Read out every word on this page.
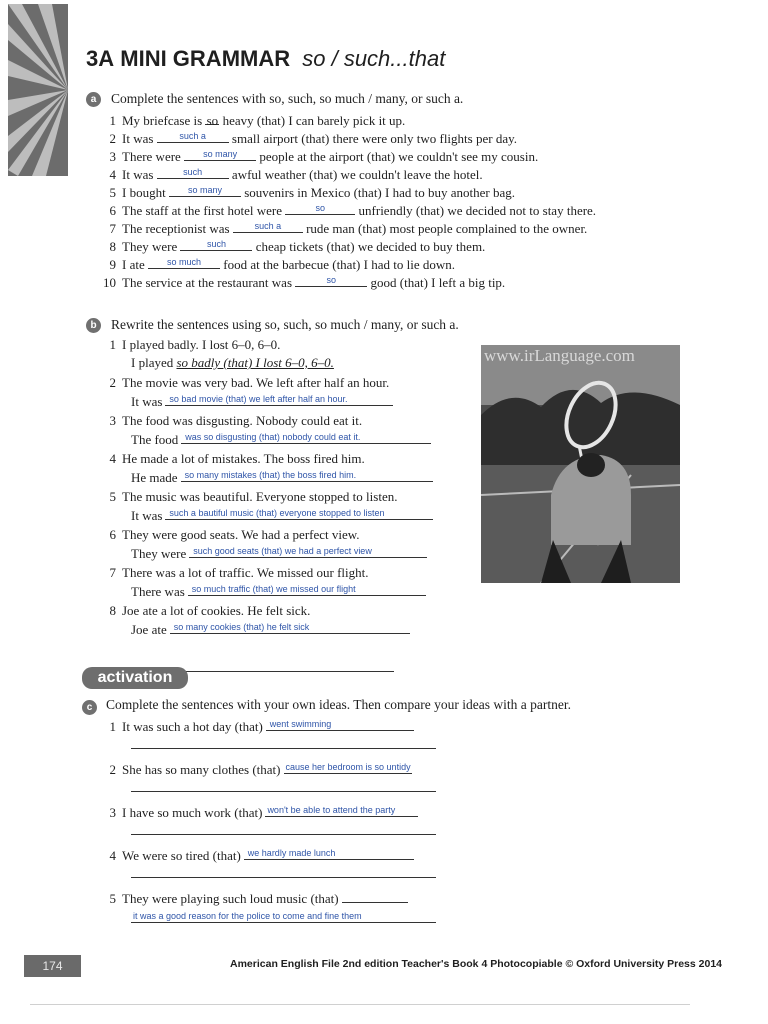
3A MINI GRAMMAR so / such...that
a	Complete the sentences with so, such, so much / many, or such a.
1 My briefcase is so heavy (that) I can barely pick it up.
2 It was	such a	small airport (that) there were only two flights per day.
3 There were	so many	people at the airport (that) we couldn't see my cousin.
4 It was	such	awful weather (that) we couldn't leave the hotel.
5 I bought	so many	souvenirs in Mexico (that) I had to buy another bag.
6 The staff at the first hotel were	so	unfriendly (that) we decided not to stay there.
7 The receptionist was	such a	rude man (that) most people complained to the owner.
8 They were	such	cheap tickets (that) we decided to buy them.
9 I ate	so much	food at the barbecue (that) I had to lie down.
10 The service at the restaurant was	so	good (that) I left a big tip.
b	Rewrite the sentences using so, such, so much / many, or such a.
1 I played badly. I lost 6–0, 6–0.
I played so badly (that) I lost 6–0, 6–0.
2 The movie was very bad. We left after half an hour.
It was so bad movie (that) we left after half an hour.
3 The food was disgusting. Nobody could eat it.
The food was so disgusting (that) nobody could eat it.
4 He made a lot of mistakes. The boss fired him.
He made so many mistakes (that) the boss fired him.
5 The music was beautiful. Everyone stopped to listen.
It was such a bautiful music (that) everyone stopped to listen
6 They were good seats. We had a perfect view.
They were such good seats (that) we had a perfect view
7 There was a lot of traffic. We missed our flight.
There was so much traffic (that) we missed our flight
8 Joe ate a lot of cookies. He felt sick.
Joe ate so many cookies (that) he felt sick
www.irLanguage.com
activation
c	Complete the sentences with your own ideas. Then compare your ideas with a partner.
1 It was such a hot day (that) went swimming
2 She has so many clothes (that) cause her bedroom is so untidy
3 I have so much work (that) won't be able to attend the party
4 We were so tired (that) we hardly made lunch
5 They were playing such loud music (that)
it was a good reason for the police to come and fine them
174	American English File 2nd edition Teacher's Book 4 Photocopiable © Oxford University Press 2014
